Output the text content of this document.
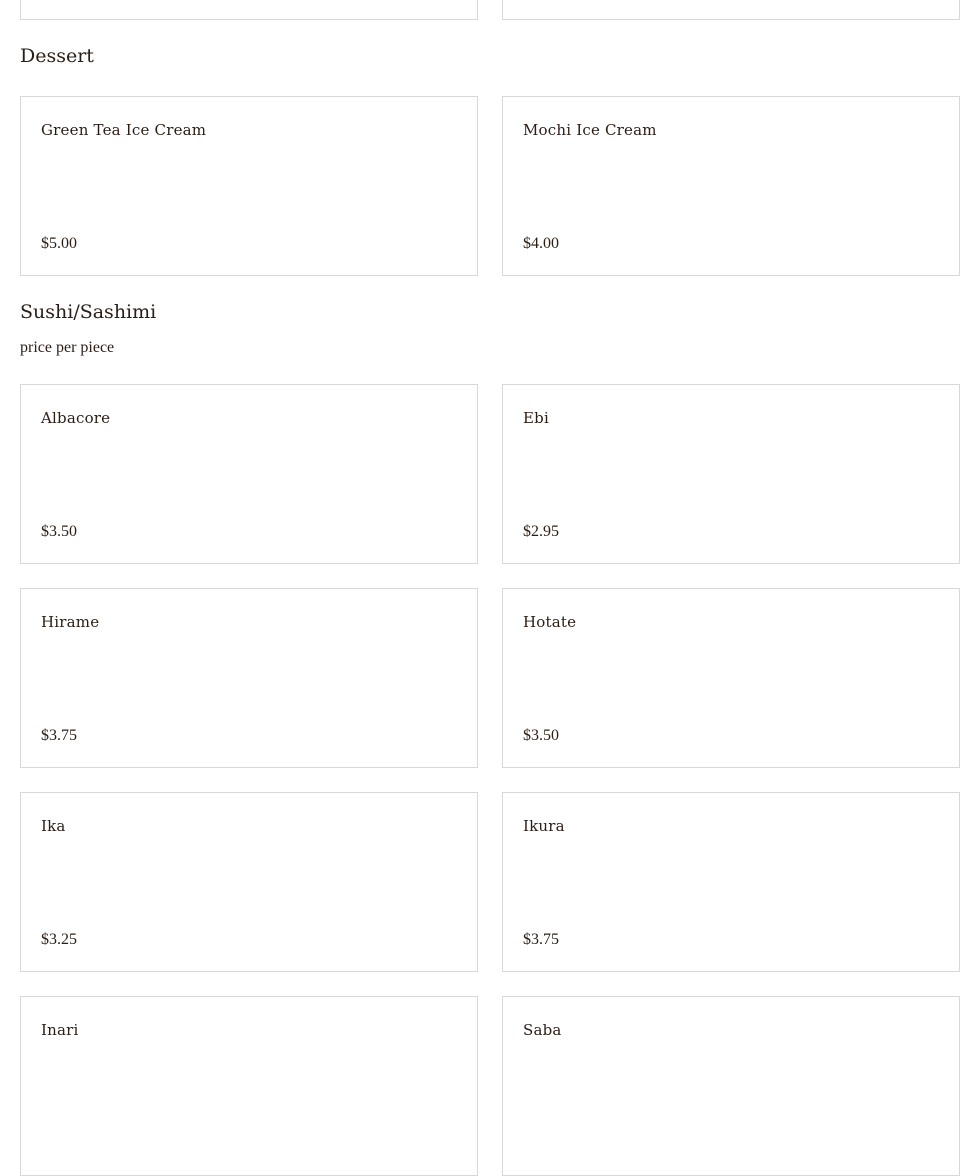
Dessert
Green Tea Ice Cream
$5.00
Mochi Ice Cream
$4.00
Sushi/Sashimi
price per piece
Albacore
$3.50
Ebi
$2.95
Hirame
$3.75
Hotate
$3.50
Ika
$3.25
Ikura
$3.75
Inari	Saba
